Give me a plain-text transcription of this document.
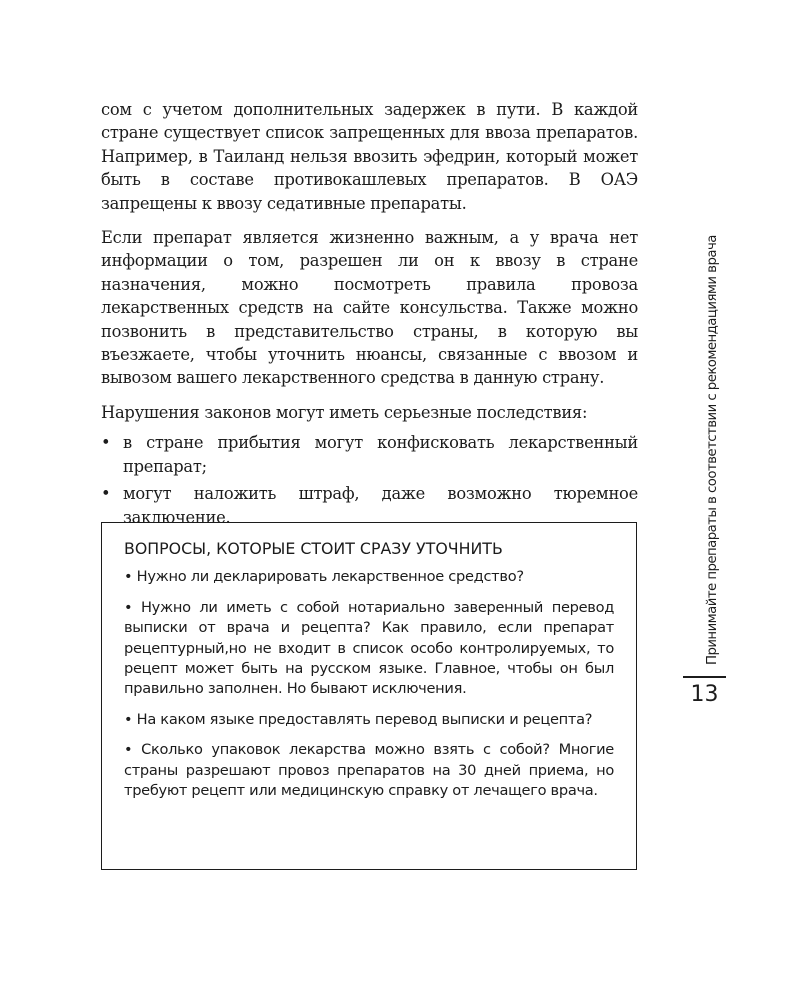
сом с учетом дополнительных задержек в пути. В каждой стране существует список запрещенных для ввоза препаратов. Например, в Таиланд нельзя ввозить эфедрин, который может быть в составе противокашлевых препаратов. В ОАЭ запрещены к ввозу седативные препараты.

Если препарат является жизненно важным, а у врача нет информации о том, разрешен ли он к ввозу в стране назначения, можно посмотреть правила провоза лекарственных средств на сайте консульства. Также можно позвонить в представительство страны, в которую вы въезжаете, чтобы уточнить нюансы, связанные с ввозом и вывозом вашего лекарственного средства в данную страну.

Нарушения законов могут иметь серьезные последствия:

• в стране прибытия могут конфисковать лекарственный препарат;
• могут наложить штраф, даже возможно тюремное заключение.
ВОПРОСЫ, КОТОРЫЕ СТОИТ СРАЗУ УТОЧНИТЬ

• Нужно ли декларировать лекарственное средство?

• Нужно ли иметь с собой нотариально заверенный перевод выписки от врача и рецепта? Как правило, если препарат рецептурный,но не входит в список особо контролируемых, то рецепт может быть на русском языке. Главное, чтобы он был правильно заполнен. Но бывают исключения.

• На каком языке предоставлять перевод выписки и рецепта?

• Сколько упаковок лекарства можно взять с собой? Многие страны разрешают провоз препаратов на 30 дней приема, но требуют рецепт или медицинскую справку от лечащего врача.

Принимайте препараты в соответствии с рекомендациями врача
13
